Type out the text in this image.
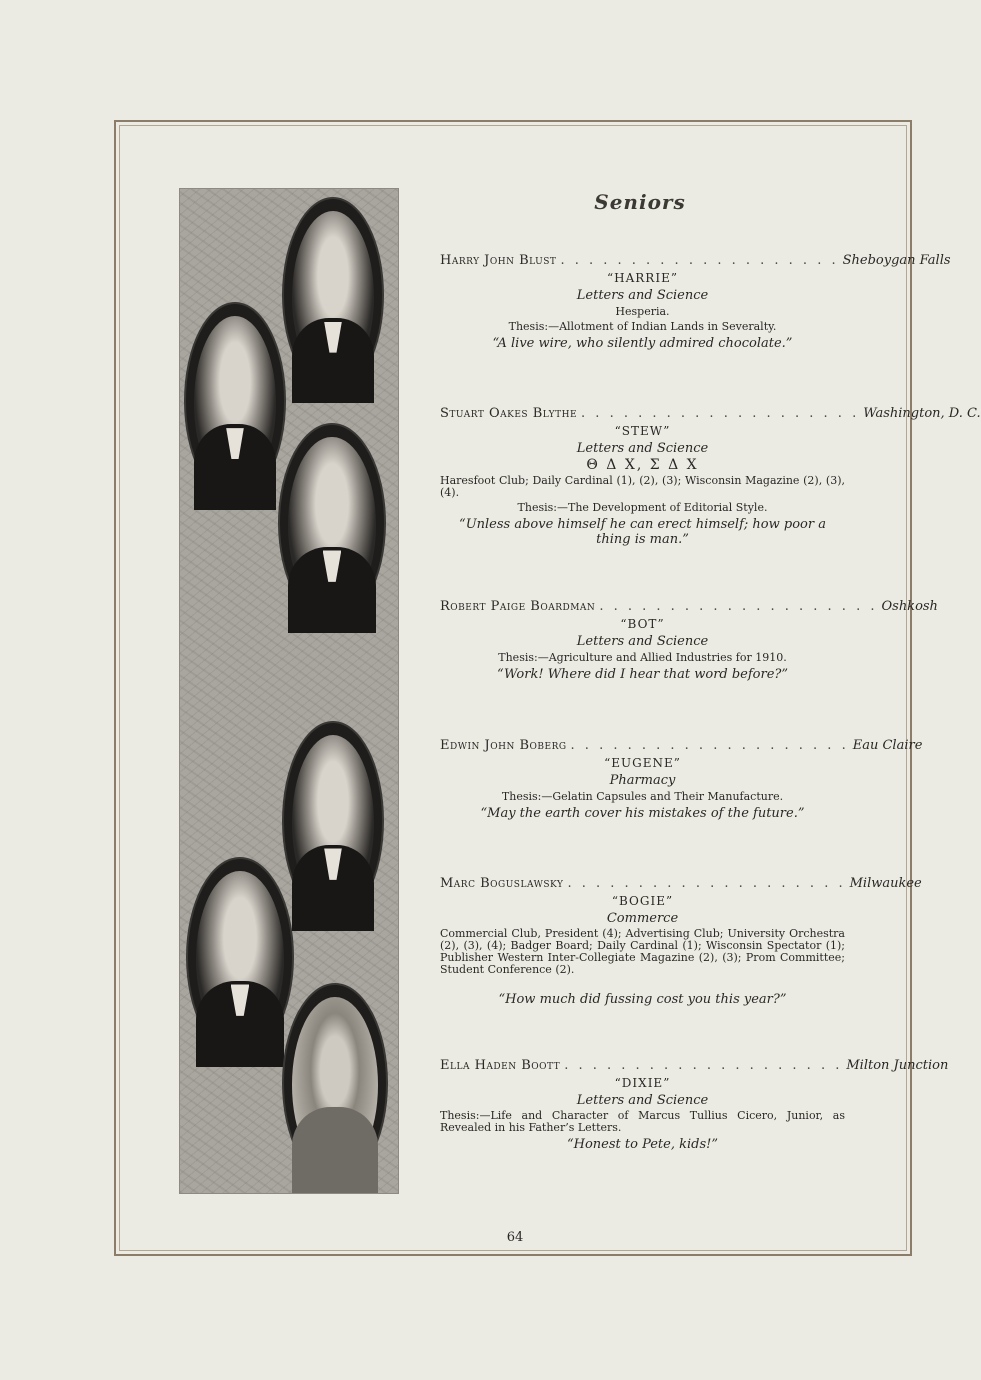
Seniors
Harry John Blust . . . . . . . . . . . . . . . . . . . . Sheboygan Falls
“HARRIE”
Letters and Science
Hesperia.
Thesis:—Allotment of Indian Lands in Severalty.
“A live wire, who silently admired chocolate.”
Stuart Oakes Blythe . . . . . . . . . . . . . . . . . . . . Washington, D. C.
“STEW”
Letters and Science
Θ Δ X, Σ Δ X
Haresfoot Club; Daily Cardinal (1), (2), (3); Wisconsin Magazine (2), (3), (4).
Thesis:—The Development of Editorial Style.
“Unless above himself he can erect himself; how poor a thing is man.”
Robert Paige Boardman . . . . . . . . . . . . . . . . . . . . Oshkosh
“BOT”
Letters and Science
Thesis:—Agriculture and Allied Industries for 1910.
“Work! Where did I hear that word before?”
Edwin John Boberg . . . . . . . . . . . . . . . . . . . . Eau Claire
“EUGENE”
Pharmacy
Thesis:—Gelatin Capsules and Their Manufacture.
“May the earth cover his mistakes of the future.”
Marc Boguslawsky . . . . . . . . . . . . . . . . . . . . Milwaukee
“BOGIE”
Commerce
Commercial Club, President (4); Advertising Club; University Orchestra (2), (3), (4); Badger Board; Daily Cardinal (1); Wisconsin Spectator (1); Publisher Western Inter-Collegiate Magazine (2), (3); Prom Committee; Student Conference (2).
“How much did fussing cost you this year?”
Ella Haden Boott . . . . . . . . . . . . . . . . . . . . Milton Junction
“DIXIE”
Letters and Science
Thesis:—Life and Character of Marcus Tullius Cicero, Junior, as Revealed in his Father’s Letters.
“Honest to Pete, kids!”
64
